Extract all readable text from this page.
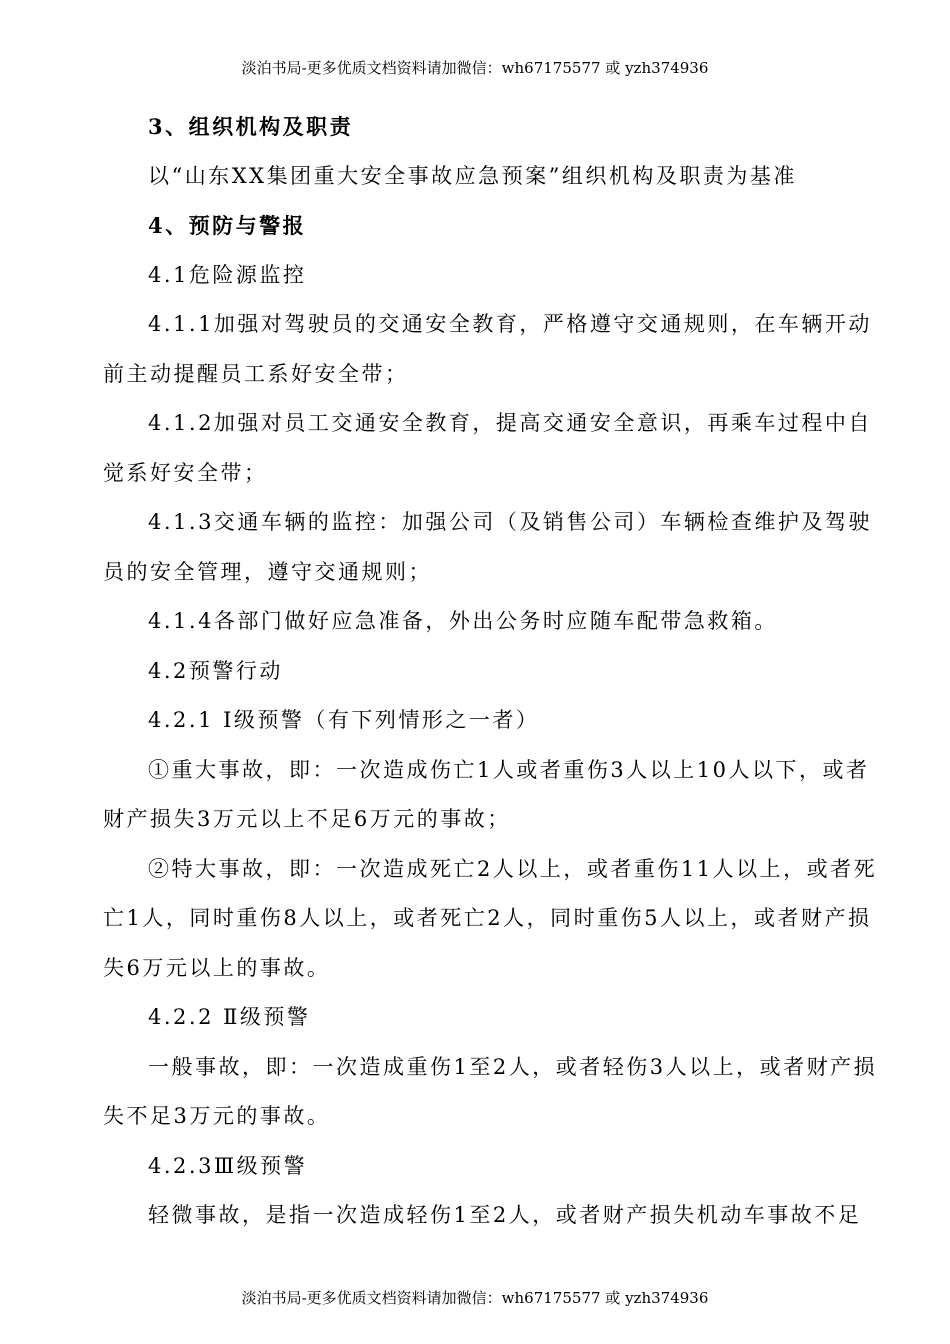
淡泊书局-更多优质文档资料请加微信：wh67175577 或 yzh374936

3、组织机构及职责

以“山东XX集团重大安全事故应急预案”组织机构及职责为基准

4、预防与警报

4.1危险源监控

4.1.1加强对驾驶员的交通安全教育，严格遵守交通规则，在车辆开动前主动提醒员工系好安全带；

4.1.2加强对员工交通安全教育，提高交通安全意识，再乘车过程中自觉系好安全带；

4.1.3交通车辆的监控：加强公司（及销售公司）车辆检查维护及驾驶员的安全管理，遵守交通规则；

4.1.4各部门做好应急准备，外出公务时应随车配带急救箱。

4.2预警行动

4.2.1 Ⅰ级预警（有下列情形之一者）

①重大事故，即：一次造成伤亡1人或者重伤3人以上10人以下，或者财产损失3万元以上不足6万元的事故；

②特大事故，即：一次造成死亡2人以上，或者重伤11人以上，或者死亡1人，同时重伤8人以上，或者死亡2人，同时重伤5人以上，或者财产损失6万元以上的事故。

4.2.2 Ⅱ级预警

一般事故，即：一次造成重伤1至2人，或者轻伤3人以上，或者财产损失不足3万元的事故。

4.2.3Ⅲ级预警

轻微事故，是指一次造成轻伤1至2人，或者财产损失机动车事故不足

淡泊书局-更多优质文档资料请加微信：wh67175577 或 yzh374936
